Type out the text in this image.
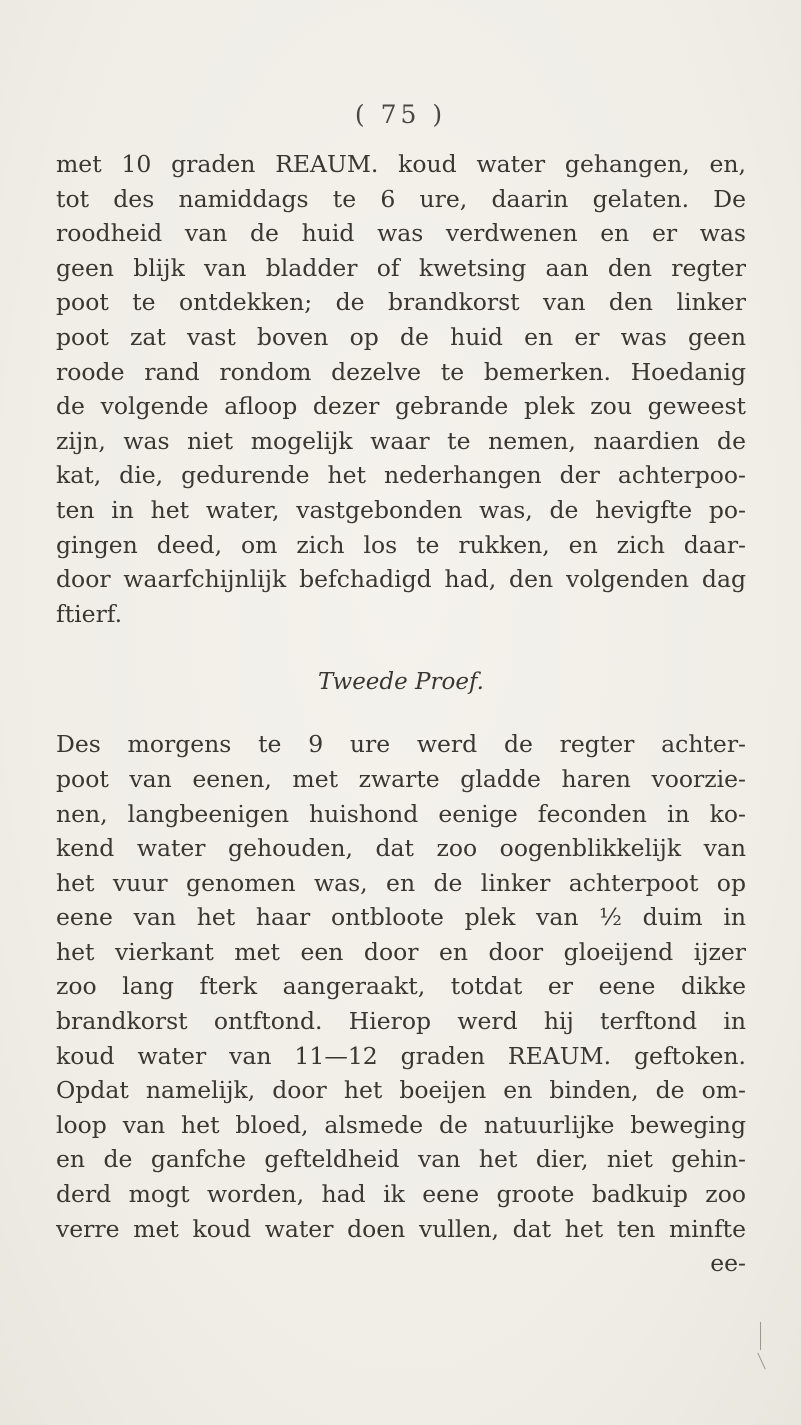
( 75 )
met 10 graden REAUM. koud water gehangen, en,
tot des namiddags te 6 ure, daarin gelaten. De
roodheid van de huid was verdwenen en er was
geen blijk van bladder of kwetsing aan den regter
poot te ontdekken; de brandkorst van den linker
poot zat vast boven op de huid en er was geen
roode rand rondom dezelve te bemerken. Hoedanig
de volgende afloop dezer gebrande plek zou geweest
zijn, was niet mogelijk waar te nemen, naardien de
kat, die, gedurende het nederhangen der achterpoo-
ten in het water, vastgebonden was, de hevigfte po-
gingen deed, om zich los te rukken, en zich daar-
door waarfchijnlijk befchadigd had, den volgenden dag
ftierf.
Tweede Proef.
Des morgens te 9 ure werd de regter achter-
poot van eenen, met zwarte gladde haren voorzie-
nen, langbeenigen huishond eenige feconden in ko-
kend water gehouden, dat zoo oogenblikkelijk van
het vuur genomen was, en de linker achterpoot op
eene van het haar ontbloote plek van ½ duim in
het vierkant met een door en door gloeijend ijzer
zoo lang fterk aangeraakt, totdat er eene dikke
brandkorst ontftond. Hierop werd hij terftond in
koud water van 11—12 graden REAUM. geftoken.
Opdat namelijk, door het boeijen en binden, de om-
loop van het bloed, alsmede de natuurlijke beweging
en de ganfche gefteldheid van het dier, niet gehin-
derd mogt worden, had ik eene groote badkuip zoo
verre met koud water doen vullen, dat het ten minfte
ee-
